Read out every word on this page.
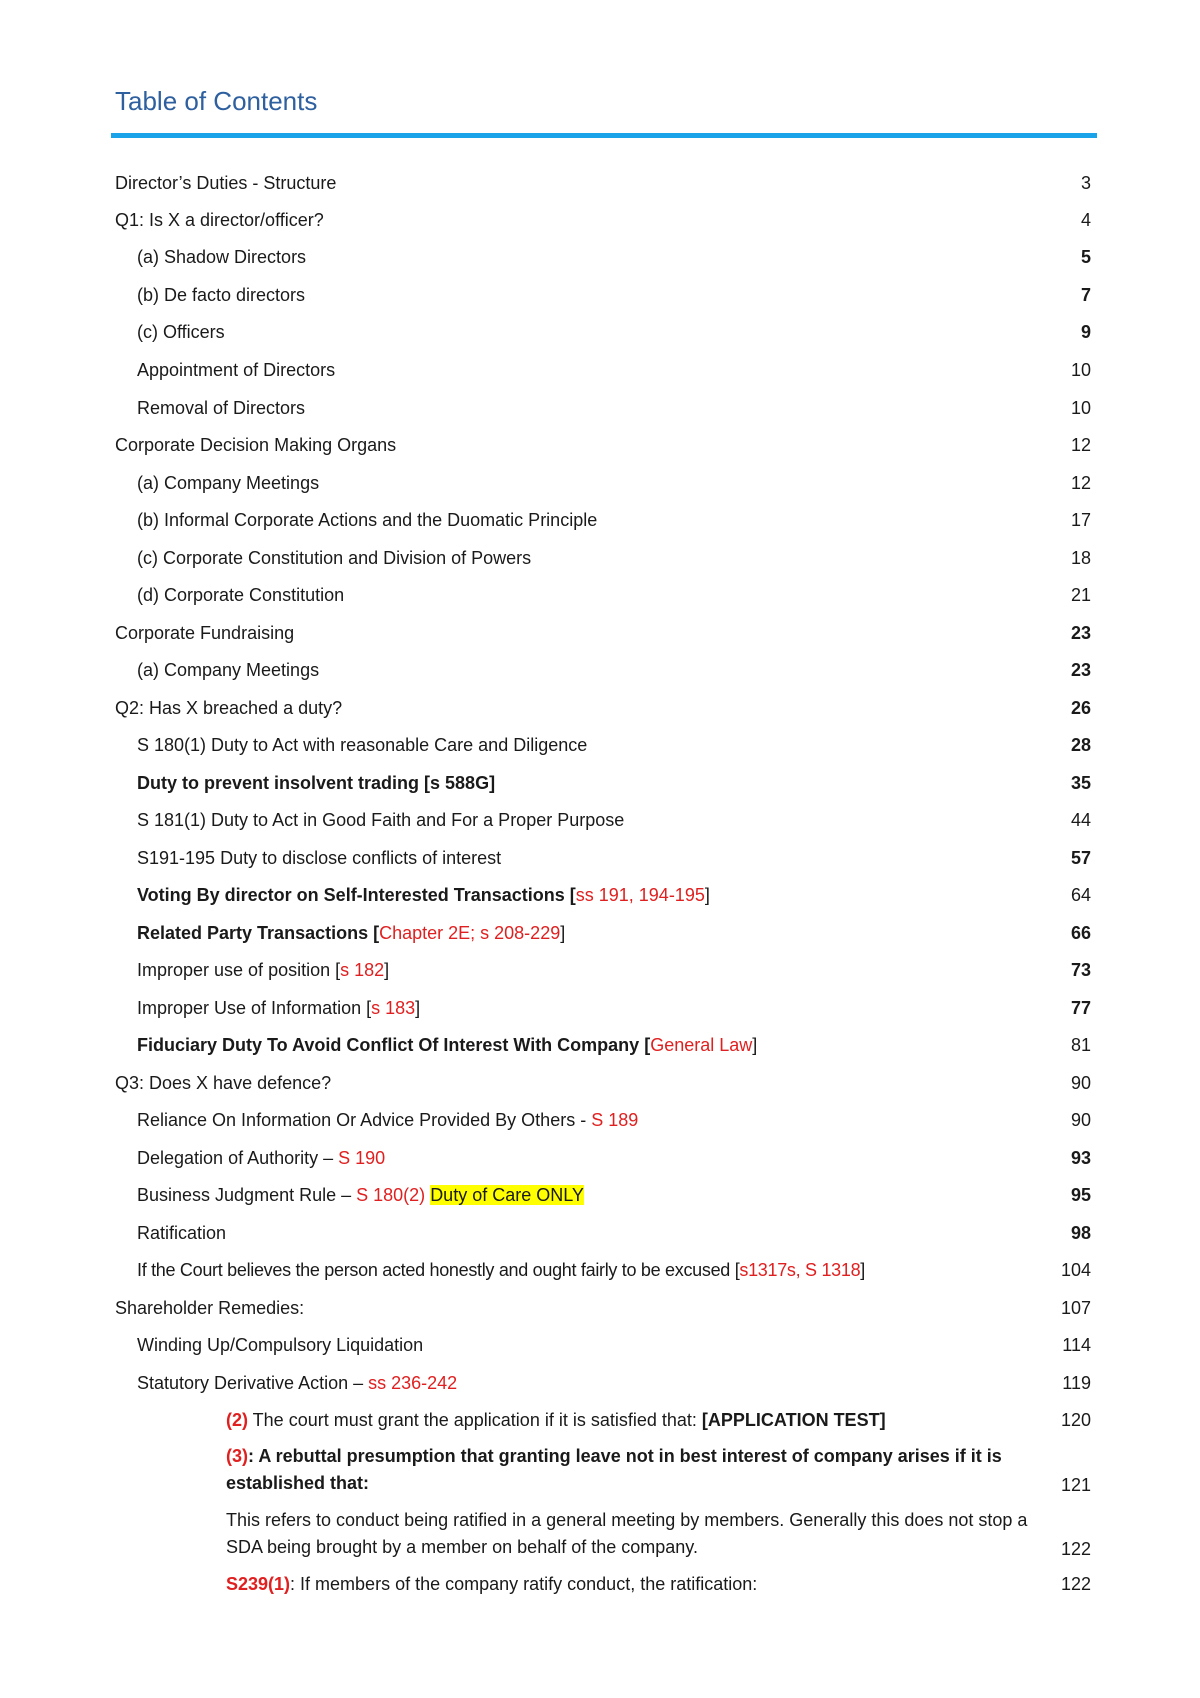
Table of Contents
Director’s Duties - Structure	3
Q1: Is X a director/officer?	4
(a) Shadow Directors	5
(b) De facto directors	7
(c) Officers	9
Appointment of Directors	10
Removal of Directors	10
Corporate Decision Making Organs	12
(a) Company Meetings	12
(b) Informal Corporate Actions and the Duomatic Principle	17
(c) Corporate Constitution and Division of Powers	18
(d) Corporate Constitution	21
Corporate Fundraising	23
(a) Company Meetings	23
Q2: Has X breached a duty?	26
S 180(1) Duty to Act with reasonable Care and Diligence	28
Duty to prevent insolvent trading [s 588G]	35
S 181(1) Duty to Act in Good Faith and For a Proper Purpose	44
S191-195 Duty to disclose conflicts of interest	57
Voting By director on Self-Interested Transactions [ss 191, 194-195]	64
Related Party Transactions [Chapter 2E; s 208-229]	66
Improper use of position [s 182]	73
Improper Use of Information [s 183]	77
Fiduciary Duty To Avoid Conflict Of Interest With Company [General Law]	81
Q3: Does X have defence?	90
Reliance On Information Or Advice Provided By Others - S 189	90
Delegation of Authority – S 190	93
Business Judgment Rule – S 180(2) Duty of Care ONLY	95
Ratification	98
If the Court believes the person acted honestly and ought fairly to be excused [s1317s, S 1318]	104
Shareholder Remedies:	107
Winding Up/Compulsory Liquidation	114
Statutory Derivative Action – ss 236-242	119
(2) The court must grant the application if it is satisfied that: [APPLICATION TEST]	120
(3): A rebuttal presumption that granting leave not in best interest of company arises if it is established that:	121
This refers to conduct being ratified in a general meeting by members. Generally this does not stop a SDA being brought by a member on behalf of the company.	122
S239(1): If members of the company ratify conduct, the ratification:	122
